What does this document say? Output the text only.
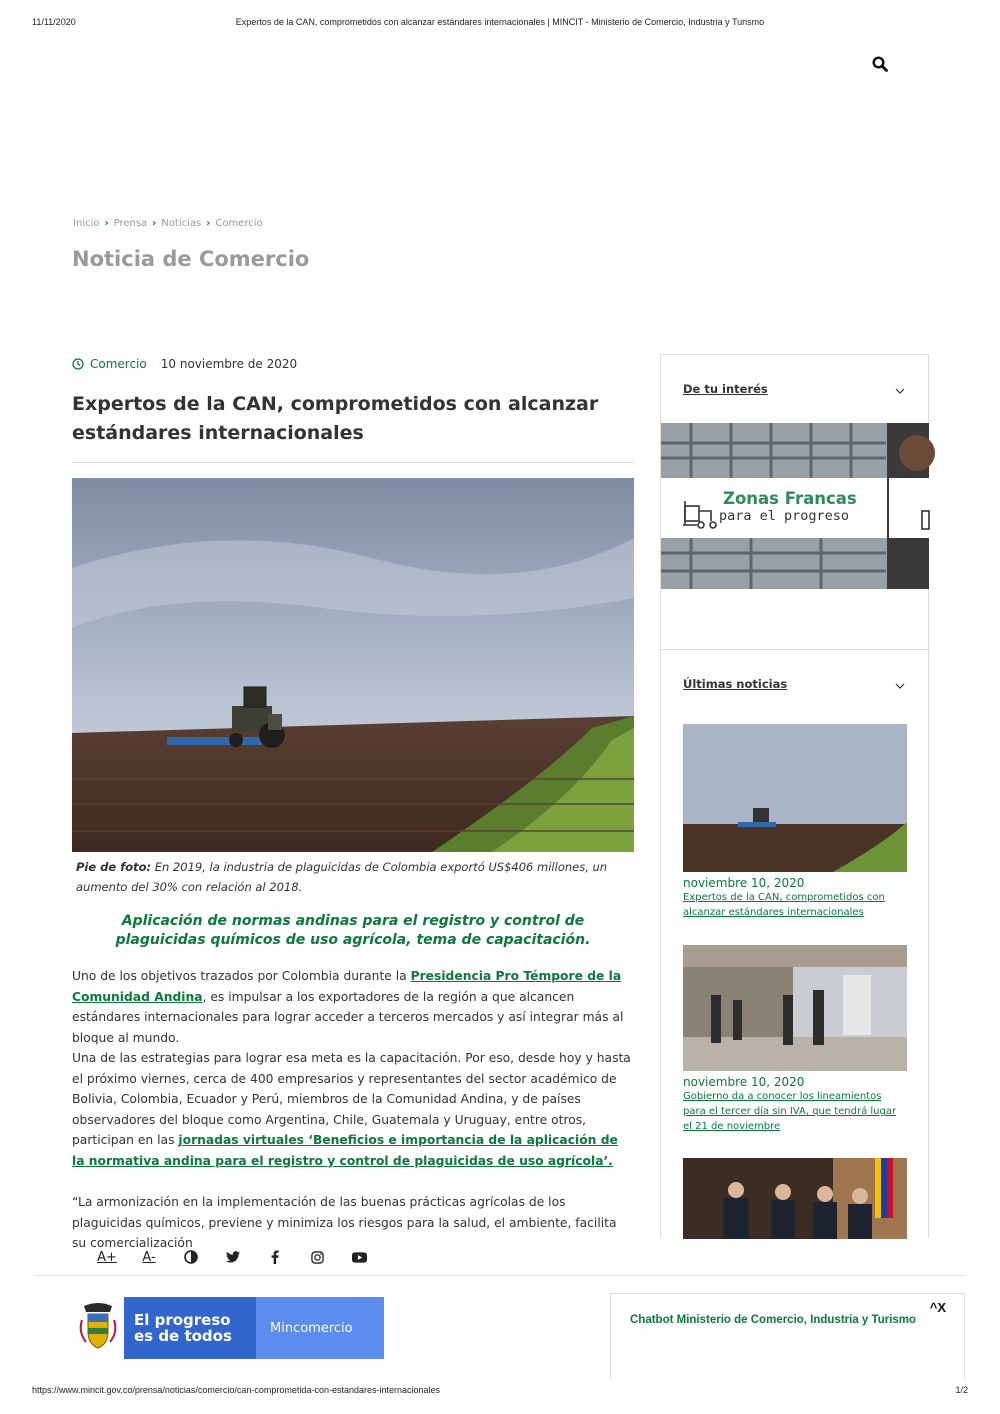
11/11/2020	Expertos de la CAN, comprometidos con alcanzar estándares internacionales | MINCIT - Ministerio de Comercio, Industria y Turismo
Inicio › Prensa › Noticias › Comercio
Noticia de Comercio
Comercio 10 noviembre de 2020
Expertos de la CAN, comprometidos con alcanzar estándares internacionales

Pie de foto: En 2019, la industria de plaguicidas de Colombia exportó US$406 millones, un aumento del 30% con relación al 2018.

Aplicación de normas andinas para el registro y control de plaguicidas químicos de uso agrícola, tema de capacitación.

Uno de los objetivos trazados por Colombia durante la Presidencia Pro Témpore de la Comunidad Andina, es impulsar a los exportadores de la región a que alcancen estándares internacionales para lograr acceder a terceros mercados y así integrar más al bloque al mundo.

Una de las estrategias para lograr esa meta es la capacitación. Por eso, desde hoy y hasta el próximo viernes, cerca de 400 empresarios y representantes del sector académico de Bolivia, Colombia, Ecuador y Perú, miembros de la Comunidad Andina, y de países observadores del bloque como Argentina, Chile, Guatemala y Uruguay, entre otros, participan en las jornadas virtuales ‘Beneficios e importancia de la aplicación de la normativa andina para el registro y control de plaguicidas de uso agrícola’.

“La armonización en la implementación de las buenas prácticas agrícolas de los plaguicidas químicos, previene y minimiza los riesgos para la salud, el ambiente, facilita su comercialización

De tu interés
Zonas Francas
para el progreso
Últimas noticias
noviembre 10, 2020
Expertos de la CAN, comprometidos con alcanzar estándares internacionales
noviembre 10, 2020
Gobierno da a conocer los lineamientos para el tercer día sin IVA, que tendrá lugar el 21 de noviembre
A+	A-
El progreso
es de todos	Mincomercio
^X
Chatbot Ministerio de Comercio, Industria y Turismo
https://www.mincit.gov.co/prensa/noticias/comercio/can-comprometida-con-estandares-internacionales	1/2
